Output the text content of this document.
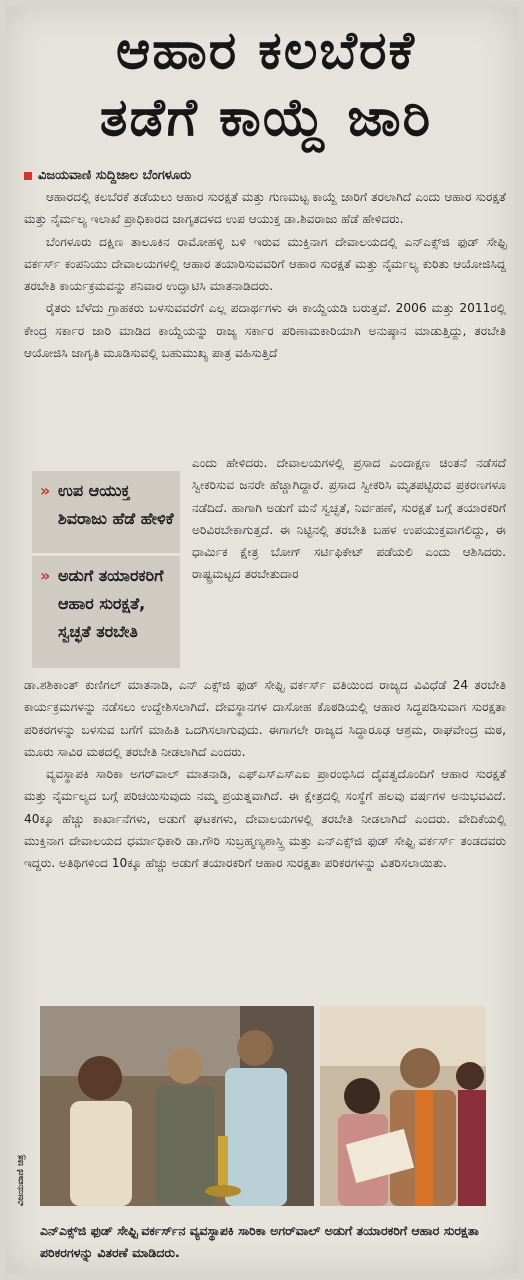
ಆಹಾರ ಕಲಬೆರಕೆ
ತಡೆಗೆ ಕಾಯ್ದೆ ಜಾರಿ
ವಿಜಯವಾಣಿ ಸುದ್ದಿಜಾಲ ಬೆಂಗಳೂರು

ಆಹಾರದಲ್ಲಿ ಕಲಬೆರಕೆ ತಡೆಯಲು ಆಹಾರ ಸುರಕ್ಷತೆ ಮತ್ತು ಗುಣಮಟ್ಟ ಕಾಯ್ದೆ ಜಾರಿಗೆ ತರಲಾಗಿದೆ ಎಂದು ಆಹಾರ ಸುರಕ್ಷತೆ ಮತ್ತು ನೈರ್ಮಲ್ಯ ಇಲಾಖೆ ಪ್ರಾಧಿಕಾರದ ಜಾಗೃತದಳದ ಉಪ ಆಯುಕ್ತ ಡಾ.ಶಿವರಾಜು ಹೆಡೆ ಹೇಳಿದರು.

ಬೆಂಗಳೂರು ದಕ್ಷಿಣ ತಾಲೂಕಿನ ರಾಮೋಹಳ್ಳಿ ಬಳಿ ಇರುವ ಮುಕ್ತಿನಾಗ ದೇವಾಲಯದಲ್ಲಿ ಎನ್‌ಎಕ್ಸ್‌ಜಿ ಫುಡ್ ಸೇಫ್ಟಿ ವರ್ಕರ್ಸ್ ಕಂಪನಿಯು ದೇವಾಲಯಗಳಲ್ಲಿ ಆಹಾರ ತಯಾರಿಸುವವರಿಗೆ ಆಹಾರ ಸುರಕ್ಷತೆ ಮತ್ತು ನೈರ್ಮಲ್ಯ ಕುರಿತು ಆಯೋಜಿಸಿದ್ದ ತರಬೇತಿ ಕಾರ್ಯಕ್ರಮವನ್ನು ಶನಿವಾರ ಉದ್ಘಾಟಿಸಿ ಮಾತನಾಡಿದರು.

ರೈತರು ಬೆಳೆದು ಗ್ರಾಹಕರು ಬಳಸುವವರೆಗೆ ಎಲ್ಲ ಪದಾರ್ಥಗಳು ಈ ಕಾಯ್ದೆಯಡಿ ಬರುತ್ತವೆ. 2006 ಮತ್ತು 2011ರಲ್ಲಿ ಕೇಂದ್ರ ಸರ್ಕಾರ ಜಾರಿ ಮಾಡಿದ ಕಾಯ್ದೆಯನ್ನು ರಾಜ್ಯ ಸರ್ಕಾರ ಪರಿಣಾಮಕಾರಿಯಾಗಿ ಅನುಷ್ಠಾನ ಮಾಡುತ್ತಿದ್ದು, ತರಬೇತಿ ಆಯೋಜಿಸಿ ಜಾಗೃತಿ ಮೂಡಿಸುವಲ್ಲಿ ಬಹುಮುಖ್ಯ ಪಾತ್ರ ವಹಿಸುತ್ತಿದೆ

» ಉಪ ಆಯುಕ್ತ ಶಿವರಾಜು ಹೆಡೆ ಹೇಳಿಕೆ
» ಅಡುಗೆ ತಯಾರಕರಿಗೆ ಆಹಾರ ಸುರಕ್ಷತೆ, ಸ್ವಚ್ಛತೆ ತರಬೇತಿ

ಎಂದು ಹೇಳಿದರು. ದೇವಾಲಯಗಳಲ್ಲಿ ಪ್ರಸಾದ ಎಂದಾಕ್ಷಣ ಚಿಂತನೆ ನಡೆಸದೆ ಸ್ವೀಕರಿಸುವ ಜನರೇ ಹೆಚ್ಚಾಗಿದ್ದಾರೆ. ಪ್ರಸಾದ ಸ್ವೀಕರಿಸಿ ಮೃತಪಟ್ಟಿರುವ ಪ್ರಕರಣಗಳೂ ನಡೆದಿದೆ. ಹಾಗಾಗಿ ಅಡುಗೆ ಮನೆ ಸ್ವಚ್ಛತೆ, ನಿರ್ವಹಣೆ, ಸುರಕ್ಷತೆ ಬಗ್ಗೆ ತಯಾರಕರಿಗೆ ಅರಿವಿರಬೇಕಾಗುತ್ತದೆ. ಈ ನಿಟ್ಟಿನಲ್ಲಿ ತರಬೇತಿ ಬಹಳ ಉಪಯುಕ್ತವಾಗಲಿದ್ದು, ಈ ಧಾರ್ಮಿಕ ಕ್ಷೇತ್ರ ಬೋಗ್ ಸರ್ಟಿಫಿಕೇಟ್ ಪಡೆಯಲಿ ಎಂದು ಆಶಿಸಿದರು. ರಾಷ್ಟ್ರಮಟ್ಟದ ತರಬೇತುದಾರ

ಡಾ.ಶಶಿಕಾಂತ್ ಕುಣಿಗಲ್ ಮಾತನಾಡಿ, ಎನ್ ಎಕ್ಸ್‌ಜಿ ಫುಡ್ ಸೇಫ್ಟಿ ವರ್ಕರ್ಸ್ ವತಿಯಿಂದ ರಾಜ್ಯದ ವಿವಿಧೆಡೆ 24 ತರಬೇತಿ ಕಾರ್ಯಕ್ರಮಗಳನ್ನು ನಡೆಸಲು ಉದ್ದೇಶಿಸಲಾಗಿದೆ. ದೇವಸ್ಥಾನಗಳ ದಾಸೋಹ ಕೊಠಡಿಯಲ್ಲಿ ಆಹಾರ ಸಿದ್ಧಪಡಿಸುವಾಗ ಸುರಕ್ಷತಾ ಪರಿಕರಗಳನ್ನು ಬಳಸುವ ಬಗೆಗೆ ಮಾಹಿತಿ ಒದಗಿಸಲಾಗುವುದು. ಈಗಾಗಲೇ ರಾಜ್ಯದ ಸಿದ್ಧಾರೂಢ ಆಶ್ರಮ, ರಾಘವೇಂದ್ರ ಮಠ, ಮೂರು ಸಾವಿರ ಮಠದಲ್ಲಿ ತರಬೇತಿ ನೀಡಲಾಗಿದೆ ಎಂದರು.

ವ್ಯವಸ್ಥಾಪಕಿ ಸಾರಿಕಾ ಅಗರ್‌ವಾಲ್ ಮಾತನಾಡಿ, ಎಫ್‌ಎಸ್‌ಎಸ್‌ಎಐ ಪ್ರಾರಂಭಿಸಿದ ದೈವತ್ವದೊಂದಿಗೆ ಆಹಾರ ಸುರಕ್ಷತೆ ಮತ್ತು ನೈರ್ಮಲ್ಯದ ಬಗ್ಗೆ ಪರಿಚಯಿಸುವುದು ನಮ್ಮ ಪ್ರಯತ್ನವಾಗಿದೆ. ಈ ಕ್ಷೇತ್ರದಲ್ಲಿ ಸಂಸ್ಥೆಗೆ ಹಲವು ವರ್ಷಗಳ ಅನುಭವವಿದೆ. 40ಕ್ಕೂ ಹೆಚ್ಚು ಕಾರ್ಖಾನೆಗಳು, ಅಡುಗೆ ಘಟಕಗಳು, ದೇವಾಲಯಗಳಲ್ಲಿ ತರಬೇತಿ ನೀಡಲಾಗಿದೆ ಎಂದರು. ವೇದಿಕೆಯಲ್ಲಿ ಮುಕ್ತಿನಾಗ ದೇವಾಲಯದ ಧರ್ಮಾಧಿಕಾರಿ ಡಾ.ಗೌರಿ ಸುಬ್ರಹ್ಮಣ್ಯಶಾಸ್ತ್ರಿ ಮತ್ತು ಎನ್‌ಎಕ್ಸ್‌ಜಿ ಫುಡ್ ಸೇಫ್ಟಿ ವರ್ಕರ್ಸ್ ತಂಡದವರು ಇದ್ದರು. ಅತಿಥಿಗಳಿಂದ 10ಕ್ಕೂ ಹೆಚ್ಚು ಅಡುಗೆ ತಯಾರಕರಿಗೆ ಆಹಾರ ಸುರಕ್ಷತಾ ಪರಿಕರಗಳನ್ನು ವಿತರಿಸಲಾಯಿತು.

ವಿಜಯವಾಣಿ ಚಿತ್ರ
ಎನ್‌ಎಕ್ಸ್‌ಜಿ ಫುಡ್ ಸೇಫ್ಟಿ ವರ್ಕರ್ಸ್‌ನ ವ್ಯವಸ್ಥಾಪಕಿ ಸಾರಿಕಾ ಅಗರ್‌ವಾಲ್ ಅಡುಗೆ ತಯಾರಕರಿಗೆ ಆಹಾರ ಸುರಕ್ಷತಾ ಪರಿಕರಗಳನ್ನು ವಿತರಣೆ ಮಾಡಿದರು.
